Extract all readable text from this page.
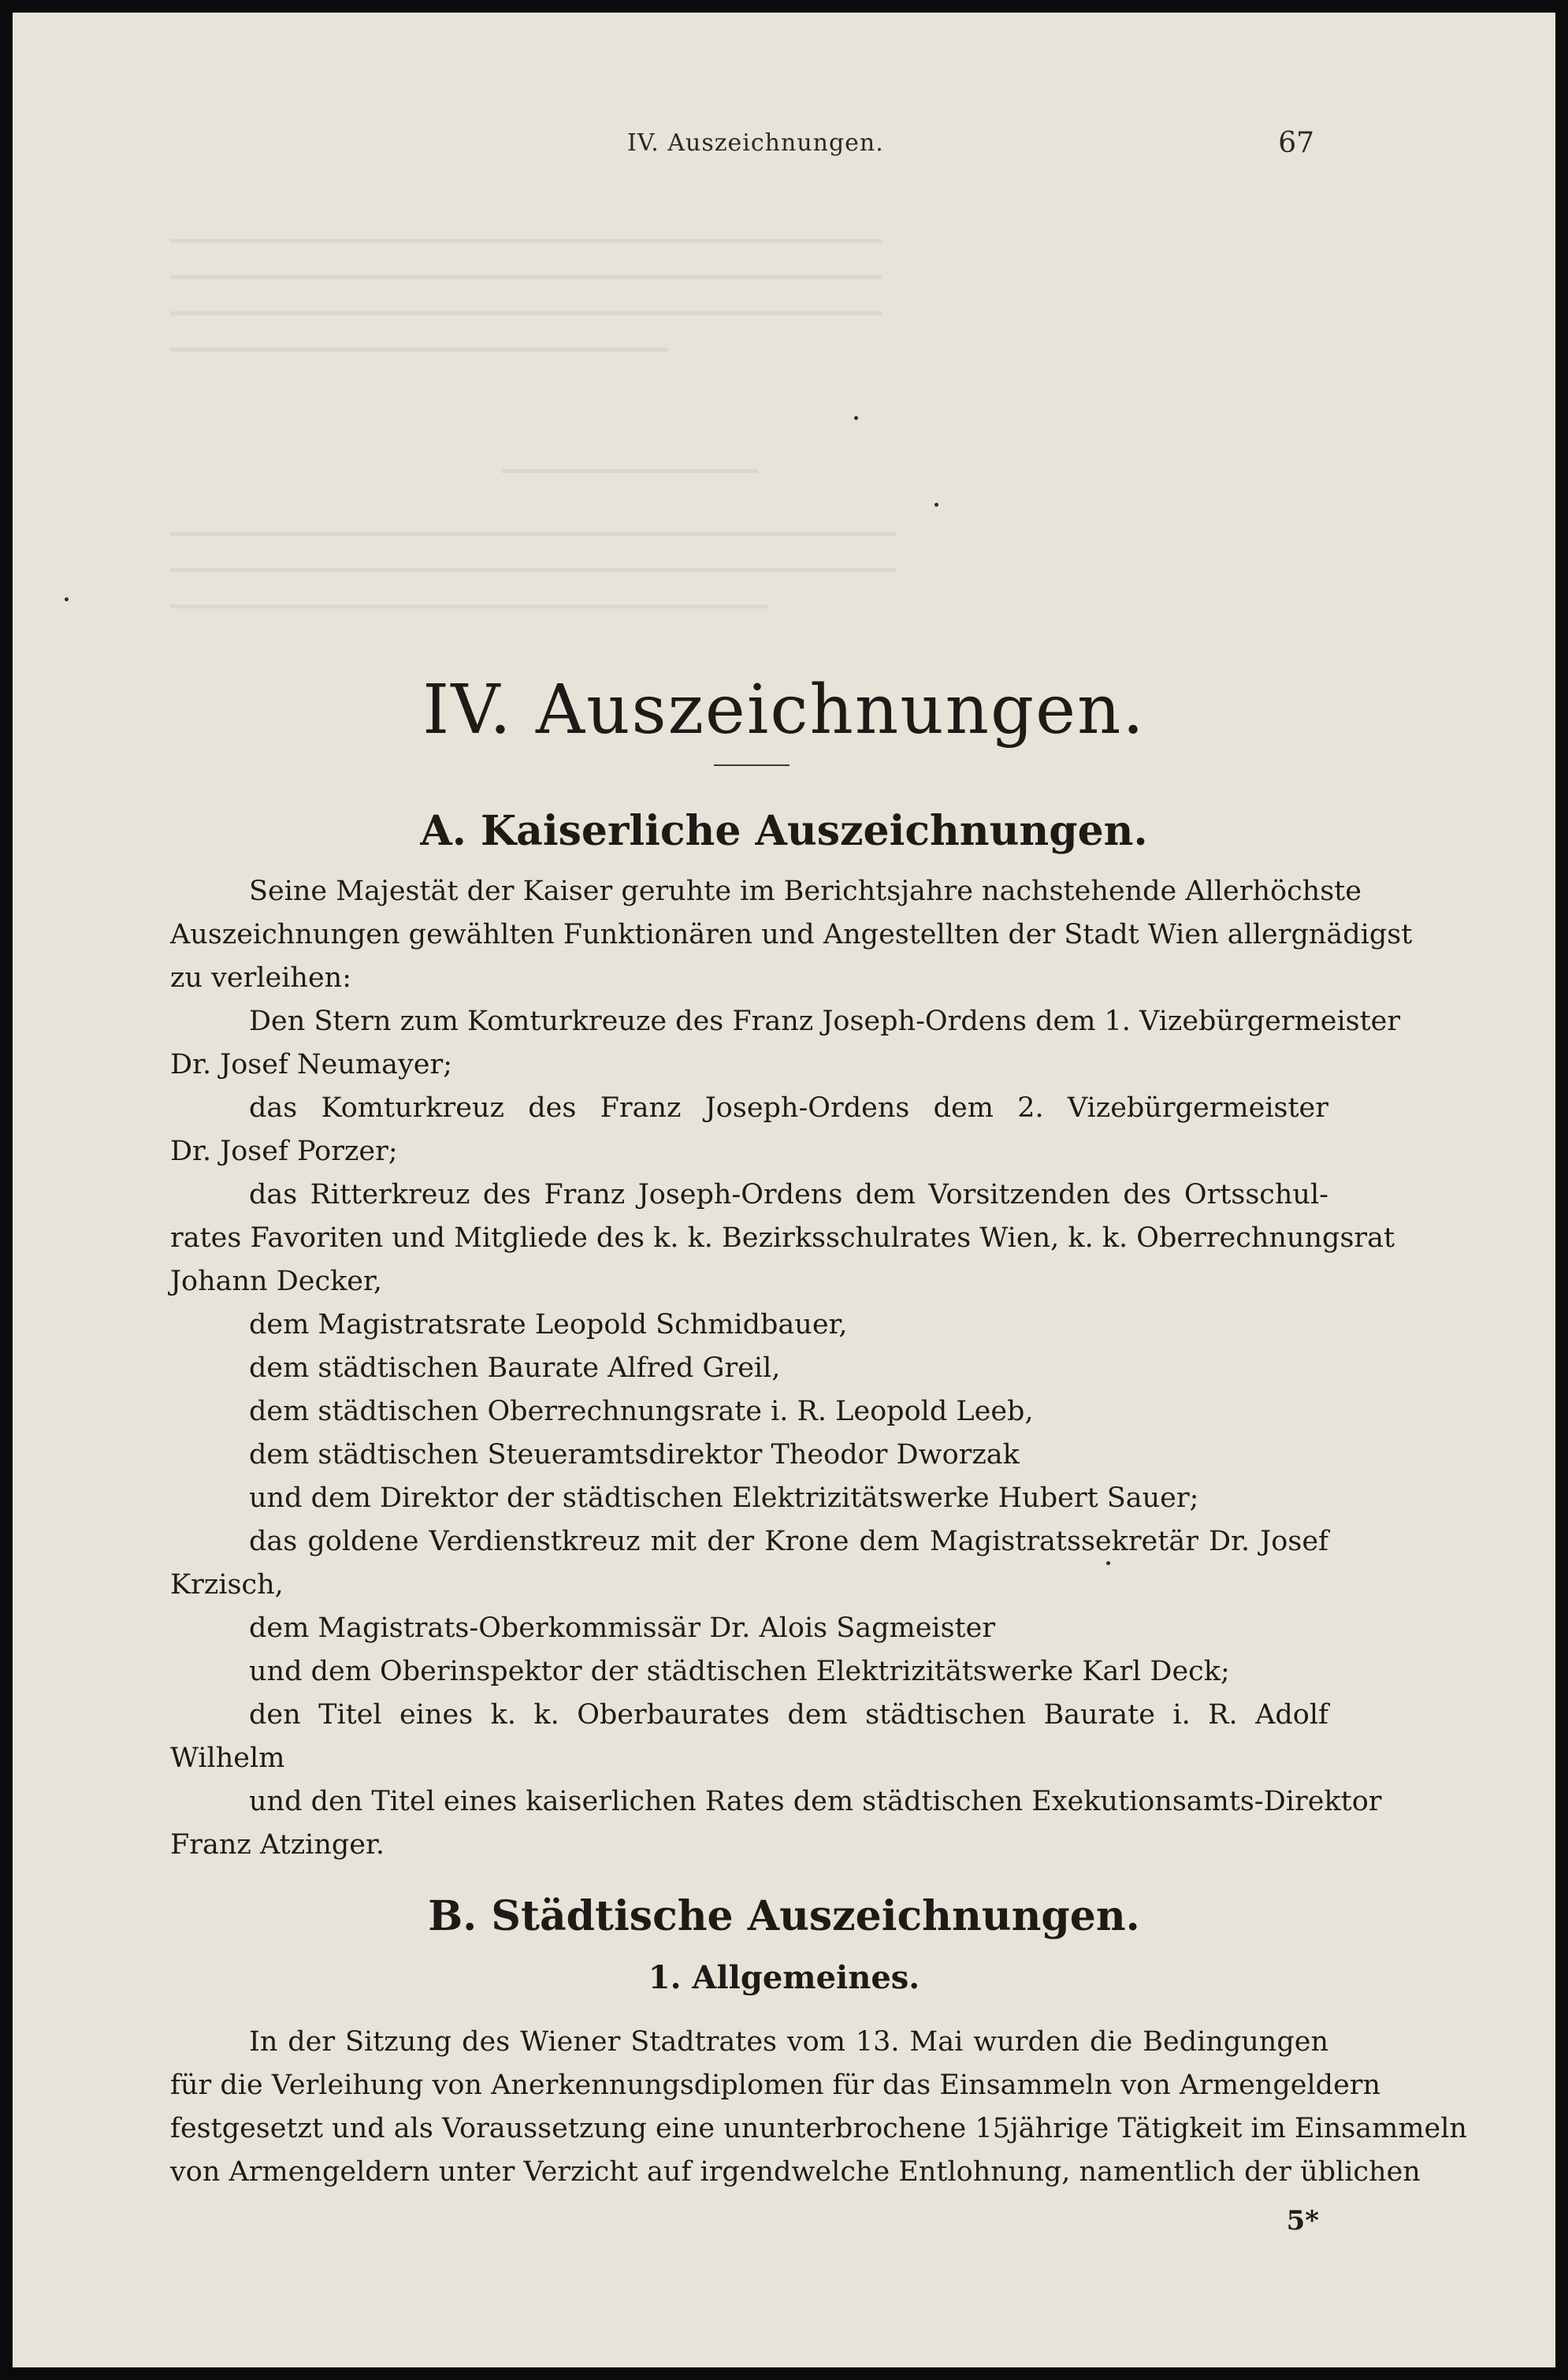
━━━━━━━━━━━━━━━━━━━━━━━━━━━━━━━━━━━━━━━━━━━━━━━━━━
━━━━━━━━━━━━━━━━━━━━━━━━━━━━━━━━━━━━━━━━━━━━━━━━━━
━━━━━━━━━━━━━━━━━━━━━━━━━━━━━━━━━━━━━━━━━━━━━━━━━━
━━━━━━━━━━━━━━━━━━━━━━━━━━━━━━━━━━━
━━━━━━━━━━━━━━━━━━
━━━━━━━━━━━━━━━━━━━━━━━━━━━━━━━━━━━━━━━━━━━━━━━━━━━
━━━━━━━━━━━━━━━━━━━━━━━━━━━━━━━━━━━━━━━━━━━━━━━━━━━
━━━━━━━━━━━━━━━━━━━━━━━━━━━━━━━━━━━━━━━━━━
IV. Auszeichnungen.	67
IV. Auszeichnungen.
A. Kaiserliche Auszeichnungen.
Seine Majestät der Kaiser geruhte im Berichtsjahre nachstehende Allerhöchste
Auszeichnungen gewählten Funktionären und Angestellten der Stadt Wien allergnädigst
zu verleihen:
Den Stern zum Komturkreuze des Franz Joseph-Ordens dem 1. Vizebürgermeister
Dr. Josef Neumayer;
das Komturkreuz des Franz Joseph-Ordens dem 2. Vizebürgermeister
Dr. Josef Porzer;
das Ritterkreuz des Franz Joseph-Ordens dem Vorsitzenden des Ortsschul-
rates Favoriten und Mitgliede des k. k. Bezirksschulrates Wien, k. k. Oberrechnungsrat
Johann Decker,
dem Magistratsrate Leopold Schmidbauer,
dem städtischen Baurate Alfred Greil,
dem städtischen Oberrechnungsrate i. R. Leopold Leeb,
dem städtischen Steueramtsdirektor Theodor Dworzak
und dem Direktor der städtischen Elektrizitätswerke Hubert Sauer;
das goldene Verdienstkreuz mit der Krone dem Magistratssekretär Dr. Josef
Krzisch,
dem Magistrats-Oberkommissär Dr. Alois Sagmeister
und dem Oberinspektor der städtischen Elektrizitätswerke Karl Deck;
den Titel eines k. k. Oberbaurates dem städtischen Baurate i. R. Adolf
Wilhelm
und den Titel eines kaiserlichen Rates dem städtischen Exekutionsamts-Direktor
Franz Atzinger.
B. Städtische Auszeichnungen.
1. Allgemeines.
In der Sitzung des Wiener Stadtrates vom 13. Mai wurden die Bedingungen
für die Verleihung von Anerkennungsdiplomen für das Einsammeln von Armengeldern
festgesetzt und als Voraussetzung eine ununterbrochene 15jährige Tätigkeit im Einsammeln
von Armengeldern unter Verzicht auf irgendwelche Entlohnung, namentlich der üblichen
5*
